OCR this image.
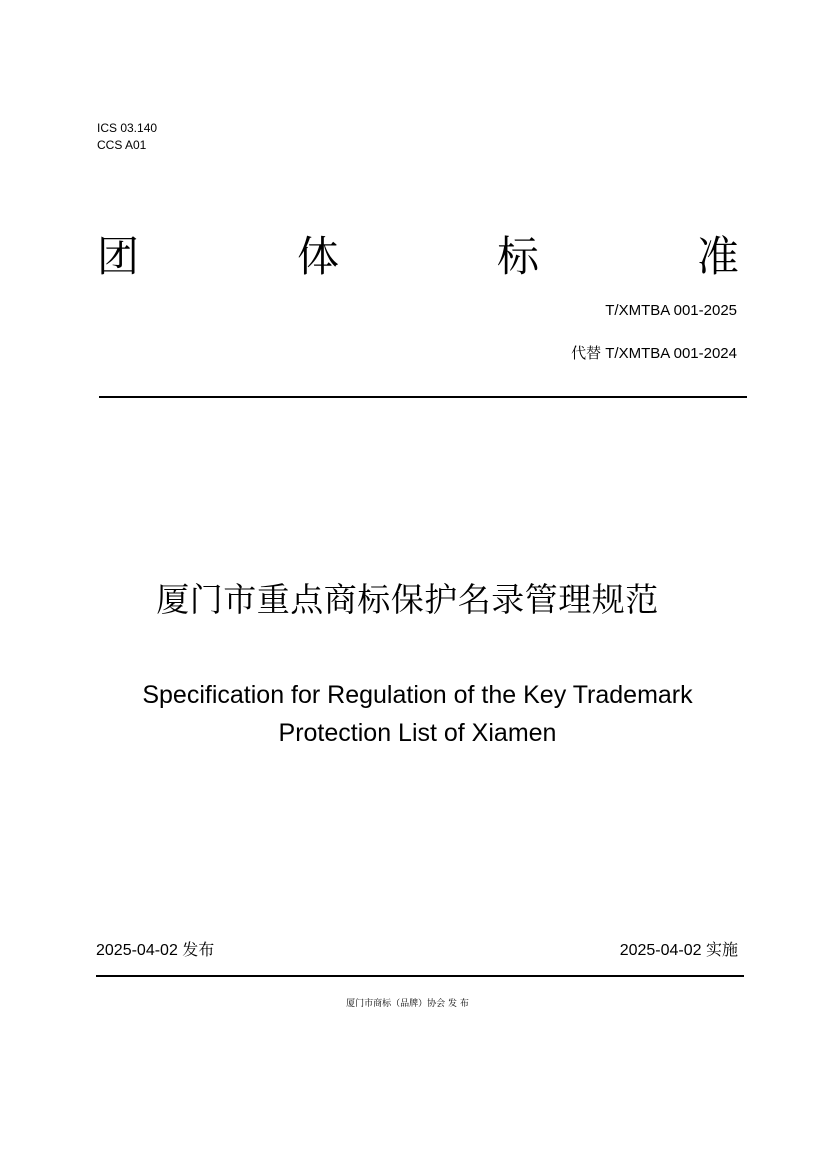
ICS 03.140
CCS A01
团	体	标	准
T/XMTBA 001-2025
代替 T/XMTBA 001-2024
厦门市重点商标保护名录管理规范
Specification for Regulation of the Key Trademark
Protection List of Xiamen
2025-04-02 发布	2025-04-02 实施
厦门市商标（品牌）协会 发 布
